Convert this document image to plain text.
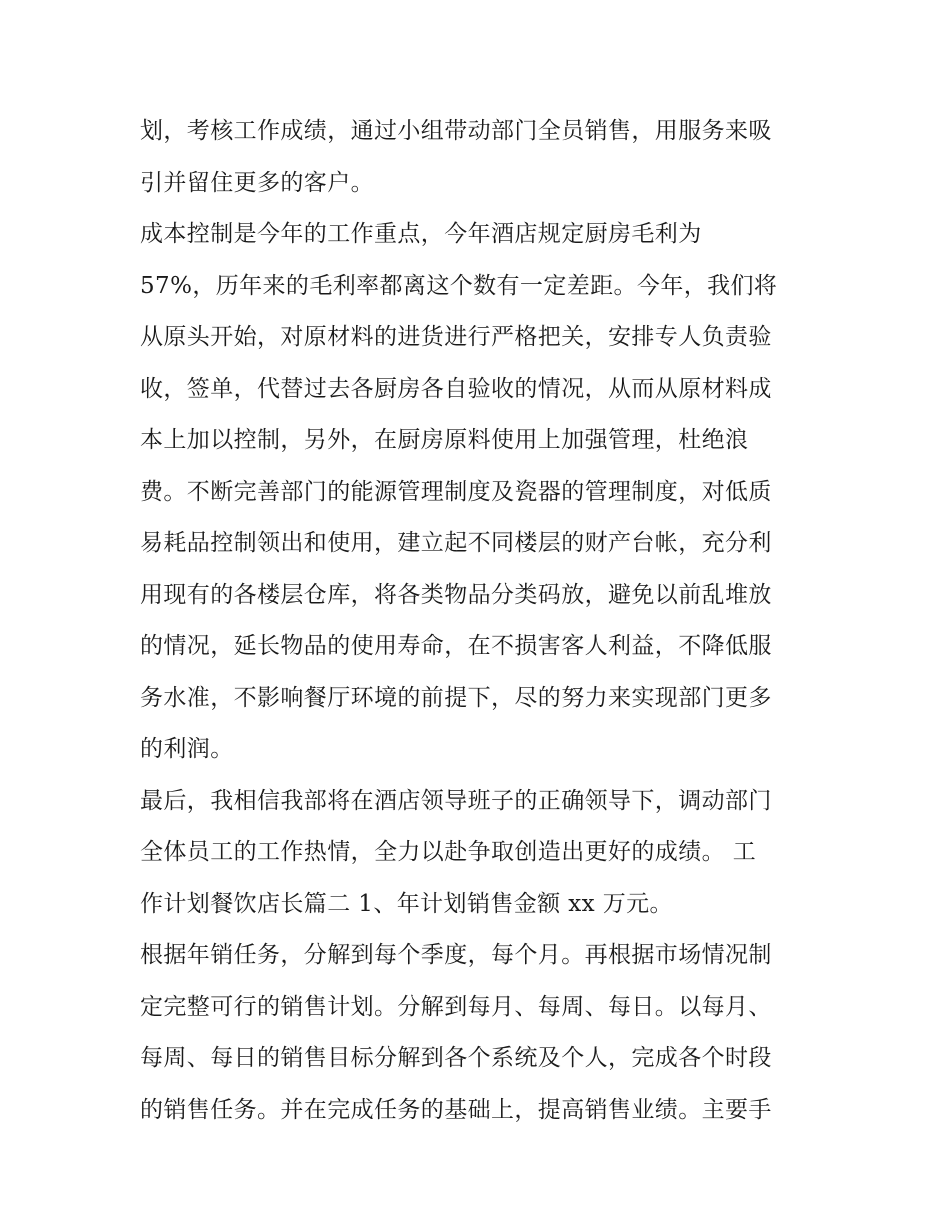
划，考核工作成绩，通过小组带动部门全员销售，用服务来吸
引并留住更多的客户。
成本控制是今年的工作重点，今年酒店规定厨房毛利为
57%，历年来的毛利率都离这个数有一定差距。今年，我们将
从原头开始，对原材料的进货进行严格把关，安排专人负责验
收，签单，代替过去各厨房各自验收的情况，从而从原材料成
本上加以控制，另外，在厨房原料使用上加强管理，杜绝浪
费。不断完善部门的能源管理制度及瓷器的管理制度，对低质
易耗品控制领出和使用，建立起不同楼层的财产台帐，充分利
用现有的各楼层仓库，将各类物品分类码放，避免以前乱堆放
的情况，延长物品的使用寿命，在不损害客人利益，不降低服
务水准，不影响餐厅环境的前提下，尽的努力来实现部门更多
的利润。
最后，我相信我部将在酒店领导班子的正确领导下，调动部门
全体员工的工作热情，全力以赴争取创造出更好的成绩。 工
作计划餐饮店长篇二 1、年计划销售金额 xx 万元。
根据年销任务，分解到每个季度，每个月。再根据市场情况制
定完整可行的销售计划。分解到每月、每周、每日。以每月、
每周、每日的销售目标分解到各个系统及个人，完成各个时段
的销售任务。并在完成任务的基础上，提高销售业绩。主要手
